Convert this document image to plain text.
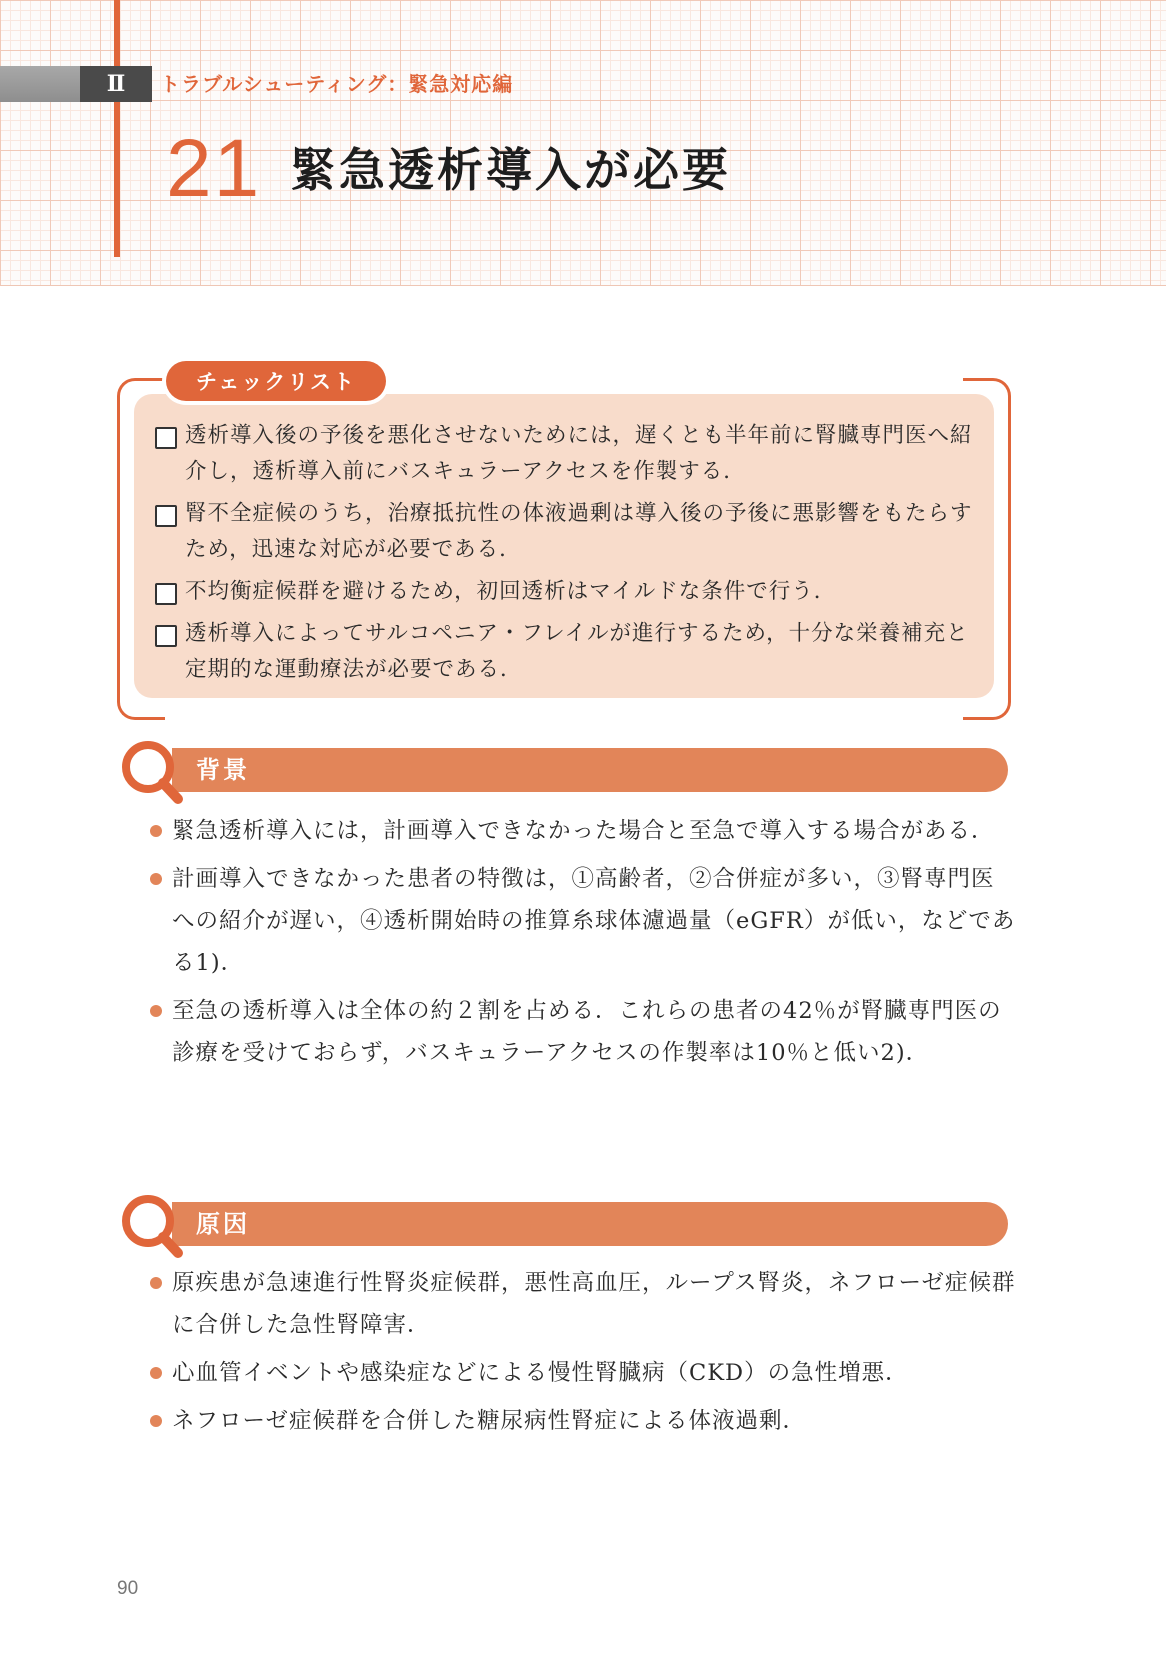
Ⅱ	トラブルシューティング：緊急対応編
21 緊急透析導入が必要
チェックリスト
透析導入後の予後を悪化させないためには，遅くとも半年前に腎臓専門医へ紹介し，透析導入前にバスキュラーアクセスを作製する．
腎不全症候のうち，治療抵抗性の体液過剰は導入後の予後に悪影響をもたらすため，迅速な対応が必要である．
不均衡症候群を避けるため，初回透析はマイルドな条件で行う．
透析導入によってサルコペニア・フレイルが進行するため，十分な栄養補充と定期的な運動療法が必要である．
背景
緊急透析導入には，計画導入できなかった場合と至急で導入する場合がある．
計画導入できなかった患者の特徴は，①高齢者，②合併症が多い，③腎専門医への紹介が遅い，④透析開始時の推算糸球体濾過量（eGFR）が低い，などである1)．
至急の透析導入は全体の約２割を占める．これらの患者の42％が腎臓専門医の診療を受けておらず，バスキュラーアクセスの作製率は10％と低い2)．
原因
原疾患が急速進行性腎炎症候群，悪性高血圧，ループス腎炎，ネフローゼ症候群に合併した急性腎障害．
心血管イベントや感染症などによる慢性腎臓病（CKD）の急性増悪．
ネフローゼ症候群を合併した糖尿病性腎症による体液過剰．
90
